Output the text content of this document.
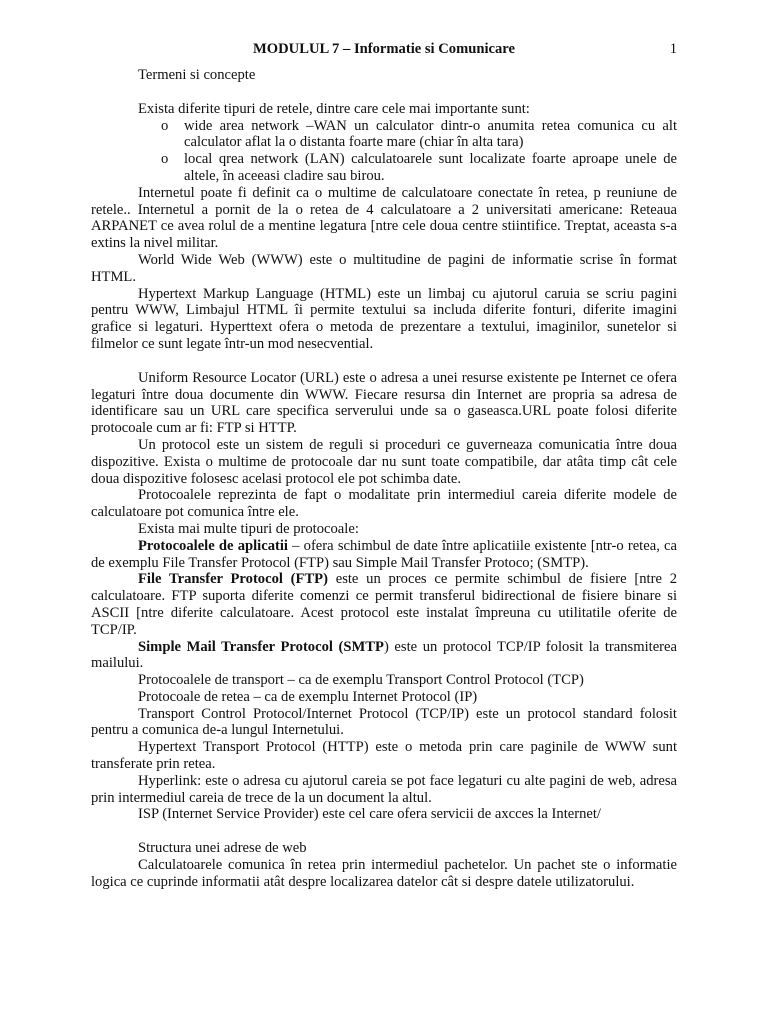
MODULUL 7 – Informatie si Comunicare	1

Termeni si concepte

Exista diferite tipuri de retele, dintre care cele mai importante sunt:

o wide area network –WAN un calculator dintr-o anumita retea comunica cu alt calculator aflat la o distanta foarte mare (chiar în alta tara)
o local qrea network (LAN) calculatoarele sunt localizate foarte aproape unele de altele, în aceeasi cladire sau birou.

Internetul poate fi definit ca o multime de calculatoare conectate în retea, p reuniune de retele.. Internetul a pornit de la o retea de 4 calculatoare a 2 universitati americane: Reteaua ARPANET ce avea rolul de a mentine legatura [ntre cele doua centre stiintifice. Treptat, aceasta s-a extins la nivel militar.

World Wide Web (WWW) este o multitudine de pagini de informatie scrise în format HTML.

Hypertext Markup Language (HTML) este un limbaj cu ajutorul caruia se scriu pagini pentru WWW, Limbajul HTML îi permite textului sa includa diferite fonturi, diferite imagini grafice si legaturi. Hyperttext ofera o metoda de prezentare a textului, imaginilor, sunetelor si filmelor ce sunt legate într-un mod nesecvential.

Uniform Resource Locator (URL) este o adresa a unei resurse existente pe Internet ce ofera legaturi între doua documente din WWW. Fiecare resursa din Internet are propria sa adresa de identificare sau un URL care specifica serverului unde sa o gaseasca.URL poate folosi diferite protocoale cum ar fi: FTP si HTTP.

Un protocol este un sistem de reguli si proceduri ce guverneaza comunicatia între doua dispozitive. Exista o multime de protocoale dar nu sunt toate compatibile, dar atâta timp cât cele doua dispozitive folosesc acelasi protocol ele pot schimba date.

Protocoalele reprezinta de fapt o modalitate prin intermediul careia diferite modele de calculatoare pot comunica între ele.

Exista mai multe tipuri de protocoale:

Protocoalele de aplicatii – ofera schimbul de date între aplicatiile existente [ntr-o retea, ca de exemplu File Transfer Protocol (FTP) sau Simple Mail Transfer Protoco; (SMTP).

File Transfer Protocol (FTP) este un proces ce permite schimbul de fisiere [ntre 2 calculatoare. FTP suporta diferite comenzi ce permit transferul bidirectional de fisiere binare si ASCII [ntre diferite calculatoare. Acest protocol este instalat împreuna cu utilitatile oferite de TCP/IP.

Simple Mail Transfer Protocol (SMTP) este un protocol TCP/IP folosit la transmiterea mailului.

Protocoalele de transport – ca de exemplu Transport Control Protocol (TCP)

Protocoale de retea – ca de exemplu Internet Protocol (IP)

Transport Control Protocol/Internet Protocol (TCP/IP) este un protocol standard folosit pentru a comunica de-a lungul Internetului.

Hypertext Transport Protocol (HTTP) este o metoda prin care paginile de WWW sunt transferate prin retea.

Hyperlink: este o adresa cu ajutorul careia se pot face legaturi cu alte pagini de web, adresa prin intermediul careia de trece de la un document la altul.

ISP (Internet Service Provider) este cel care ofera servicii de axcces la Internet/

Structura unei adrese de web

Calculatoarele comunica în retea prin intermediul pachetelor. Un pachet ste o informatie logica ce cuprinde informatii atât despre localizarea datelor cât si despre datele utilizatorului.
